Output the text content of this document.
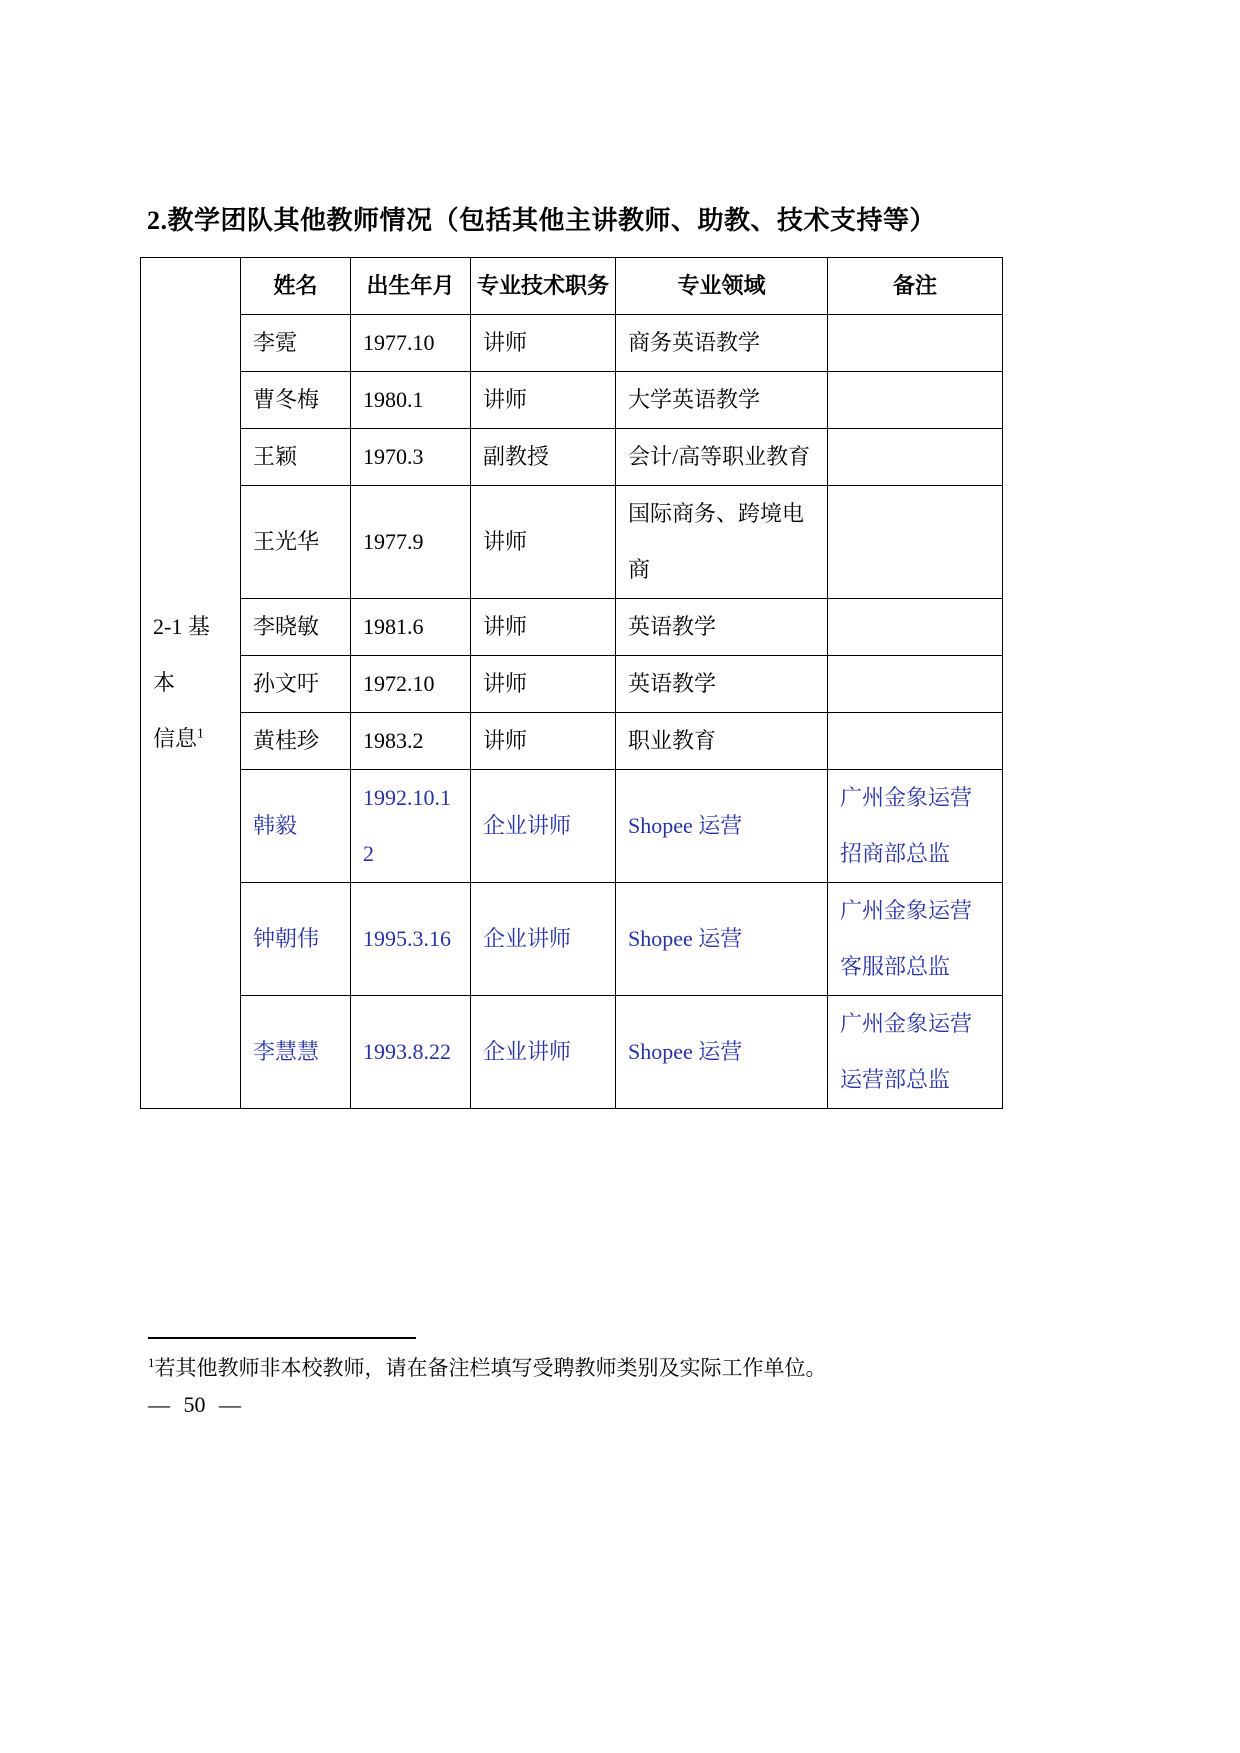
2.教学团队其他教师情况（包括其他主讲教师、助教、技术支持等）
2-1 基本
信息$^1$	姓名	出生年月	专业技术职务	专业领域	备注
	李霓	1977.10	讲师	商务英语教学	
	曹冬梅	1980.1	讲师	大学英语教学	
	王颖	1970.3	副教授	会计/高等职业教育	
	王光华	1977.9	讲师	国际商务、跨境电商	
	李晓敏	1981.6	讲师	英语教学	
	孙文吁	1972.10	讲师	英语教学	
	黄桂珍	1983.2	讲师	职业教育	
	韩毅	1992.10.12	企业讲师	Shopee 运营	广州金象运营招商部总监
	钟朝伟	1995.3.16	企业讲师	Shopee 运营	广州金象运营客服部总监
	李慧慧	1993.8.22	企业讲师	Shopee 运营	广州金象运营运营部总监
$^1$若其他教师非本校教师，请在备注栏填写受聘教师类别及实际工作单位。
— 50 —
